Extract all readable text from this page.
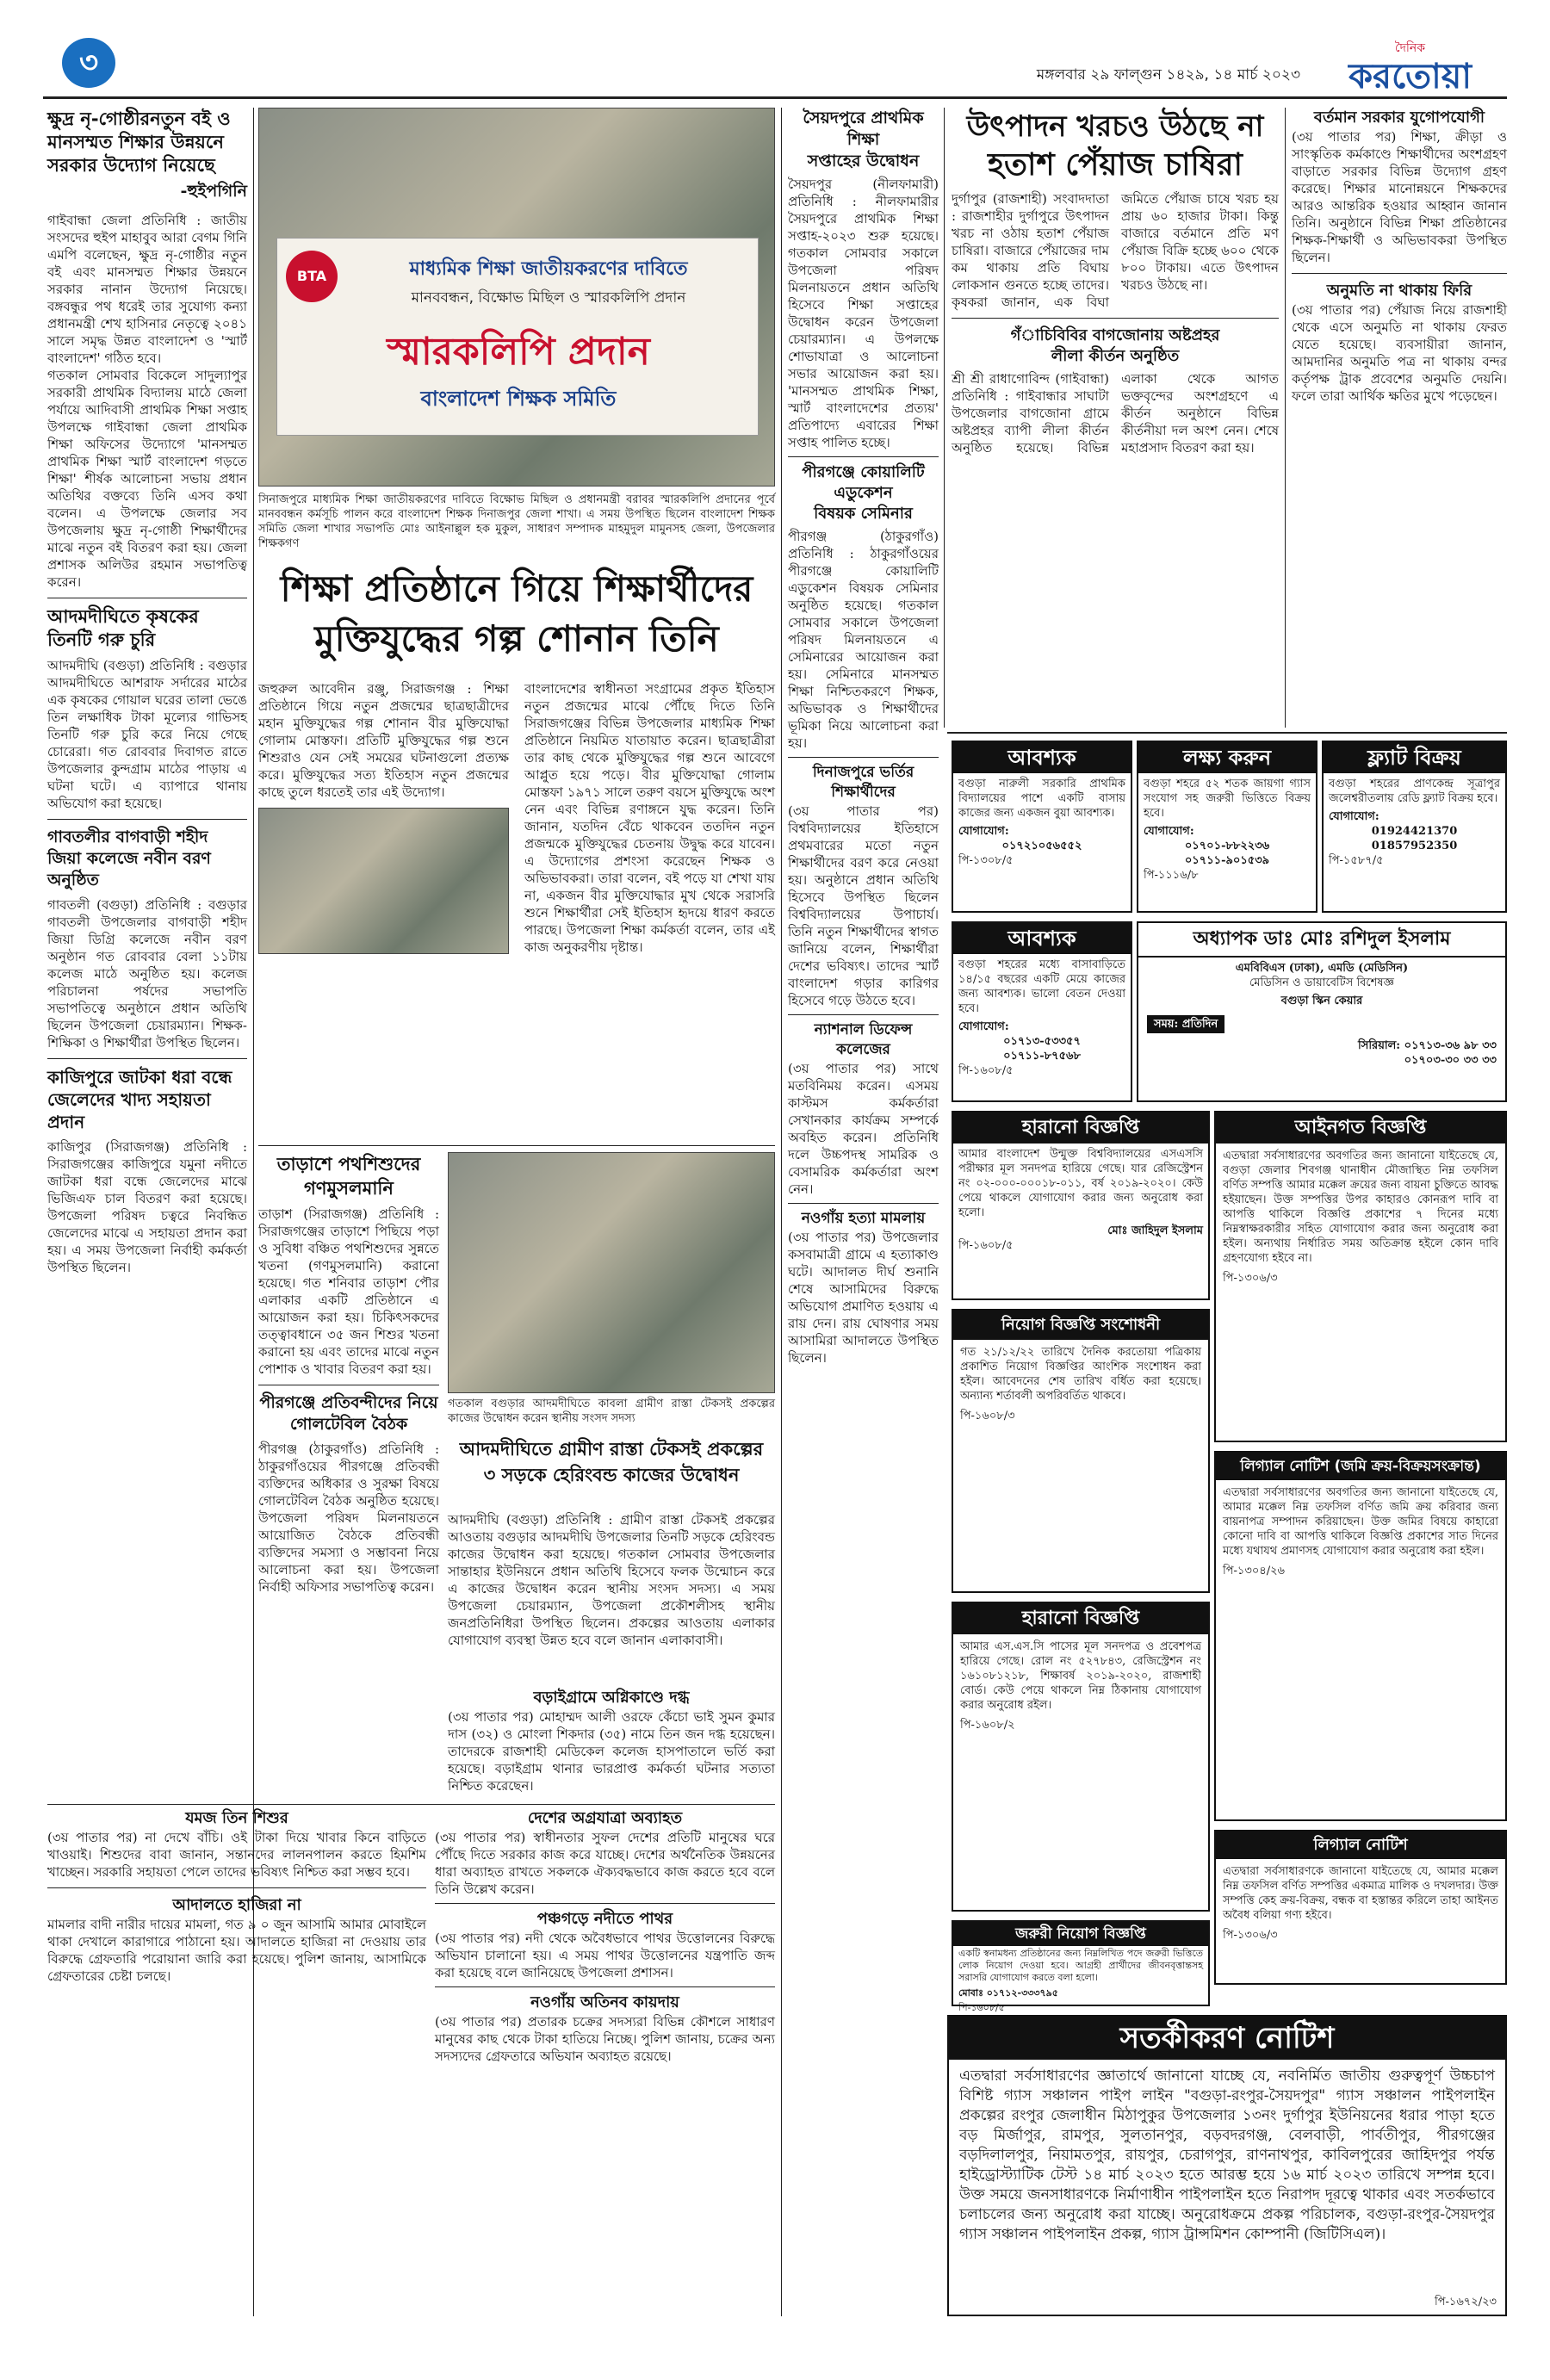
৩	মঙ্গলবার ২৯ ফাল্গুন ১৪২৯, ১৪ মার্চ ২০২৩
দৈনিক
করতোয়া
ক্ষুদ্র নৃ-গোষ্ঠীরনতুন বই ও মানসম্মত শিক্ষার উন্নয়নে সরকার উদ্যোগ নিয়েছে
-হুইপগিনি
গাইবান্ধা জেলা প্রতিনিধি : জাতীয় সংসদের হুইপ মাহাবুব আরা বেগম গিনি এমপি বলেছেন, ক্ষুদ্র নৃ-গোষ্ঠীর নতুন বই এবং মানসম্মত শিক্ষার উন্নয়নে সরকার নানান উদ্যোগ নিয়েছে। বঙ্গবন্ধুর পথ ধরেই তার সুযোগ্য কন্যা প্রধানমন্ত্রী শেখ হাসিনার নেতৃত্বে ২০৪১ সালে সমৃদ্ধ উন্নত বাংলাদেশ ও 'স্মার্ট বাংলাদেশ' গঠিত হবে।
গতকাল সোমবার বিকেলে সাদুল্যাপুর সরকারী প্রাথমিক বিদ্যালয় মাঠে জেলা পর্যায়ে আদিবাসী প্রাথমিক শিক্ষা সপ্তাহ উপলক্ষে গাইবান্ধা জেলা প্রাথমিক শিক্ষা অফিসের উদ্যোগে 'মানসম্মত প্রাথমিক শিক্ষা স্মার্ট বাংলাদেশ গড়তে শিক্ষা' শীর্ষক আলোচনা সভায় প্রধান অতিথির বক্তব্যে তিনি এসব কথা বলেন। এ উপলক্ষে জেলার সব উপজেলায় ক্ষুদ্র নৃ-গোষ্ঠী শিক্ষার্থীদের মাঝে নতুন বই বিতরণ করা হয়। জেলা প্রশাসক অলিউর রহমান সভাপতিত্ব করেন।
আদমদীঘিতে কৃষকের তিনটি গরু চুরি
আদমদীঘি (বগুড়া) প্রতিনিধি : বগুড়ার আদমদীঘিতে আশরাফ সর্দারের মাঠের এক কৃষকের গোয়াল ঘরের তালা ভেঙে তিন লক্ষাধিক টাকা মূল্যের গাভিসহ তিনটি গরু চুরি করে নিয়ে গেছে চোরেরা। গত রোববার দিবাগত রাতে উপজেলার কুন্দগ্রাম মাঠের পাড়ায় এ ঘটনা ঘটে। এ ব্যাপারে থানায় অভিযোগ করা হয়েছে।
গাবতলীর বাগবাড়ী শহীদ জিয়া কলেজে নবীন বরণ অনুষ্ঠিত
গাবতলী (বগুড়া) প্রতিনিধি : বগুড়ার গাবতলী উপজেলার বাগবাড়ী শহীদ জিয়া ডিগ্রি কলেজে নবীন বরণ অনুষ্ঠান গত রোববার বেলা ১১টায় কলেজ মাঠে অনুষ্ঠিত হয়। কলেজ পরিচালনা পর্ষদের সভাপতি সভাপতিত্বে অনুষ্ঠানে প্রধান অতিথি ছিলেন উপজেলা চেয়ারম্যান। শিক্ষক-শিক্ষিকা ও শিক্ষার্থীরা উপস্থিত ছিলেন।
কাজিপুরে জাটকা ধরা বন্ধে জেলেদের খাদ্য সহায়তা প্রদান
কাজিপুর (সিরাজগঞ্জ) প্রতিনিধি : সিরাজগঞ্জের কাজিপুরে যমুনা নদীতে জাটকা ধরা বন্ধে জেলেদের মাঝে ভিজিএফ চাল বিতরণ করা হয়েছে। উপজেলা পরিষদ চত্বরে নিবন্ধিত জেলেদের মাঝে এ সহায়তা প্রদান করা হয়। এ সময় উপজেলা নির্বাহী কর্মকর্তা উপস্থিত ছিলেন।
BTA	মাধ্যমিক শিক্ষা জাতীয়করণের দাবিতে
মানববন্ধন, বিক্ষোভ মিছিল ও স্মারকলিপি প্রদান
স্মারকলিপি প্রদান
বাংলাদেশ শিক্ষক সমিতি
সিনাজপুরে মাধ্যমিক শিক্ষা জাতীয়করণের দাবিতে বিক্ষোভ মিছিল ও প্রধানমন্ত্রী বরাবর স্মারকলিপি প্রদানের পূর্বে মানববন্ধন কর্মসূচি পালন করে বাংলাদেশ শিক্ষক দিনাজপুর জেলা শাখা। এ সময় উপস্থিত ছিলেন বাংলাদেশ শিক্ষক সমিতি জেলা শাখার সভাপতি মোঃ আইনাল্লুল হক মুকুল, সাধারণ সম্পাদক মাহমুদুল মামুনসহ জেলা, উপজেলার শিক্ষকগণ
শিক্ষা প্রতিষ্ঠানে গিয়ে শিক্ষার্থীদের
মুক্তিযুদ্ধের গল্প শোনান তিনি
জহুরুল আবেদীন রঞ্জু, সিরাজগঞ্জ : শিক্ষা প্রতিষ্ঠানে গিয়ে নতুন প্রজন্মের ছাত্রছাত্রীদের মহান মুক্তিযুদ্ধের গল্প শোনান বীর মুক্তিযোদ্ধা গোলাম মোস্তফা। প্রতিটি মুক্তিযুদ্ধের গল্প শুনে শিশুরাও যেন সেই সময়ের ঘটনাগুলো প্রত্যক্ষ করে। মুক্তিযুদ্ধের সত্য ইতিহাস নতুন প্রজন্মের কাছে তুলে ধরতেই তার এই উদ্যোগ।
বাংলাদেশের স্বাধীনতা সংগ্রামের প্রকৃত ইতিহাস নতুন প্রজন্মের মাঝে পৌঁছে দিতে তিনি সিরাজগঞ্জের বিভিন্ন উপজেলার মাধ্যমিক শিক্ষা প্রতিষ্ঠানে নিয়মিত যাতায়াত করেন। ছাত্রছাত্রীরা তার কাছ থেকে মুক্তিযুদ্ধের গল্প শুনে আবেগে আপ্লুত হয়ে পড়ে। বীর মুক্তিযোদ্ধা গোলাম মোস্তফা ১৯৭১ সালে তরুণ বয়সে মুক্তিযুদ্ধে অংশ নেন এবং বিভিন্ন রণাঙ্গনে যুদ্ধ করেন। তিনি জানান, যতদিন বেঁচে থাকবেন ততদিন নতুন প্রজন্মকে মুক্তিযুদ্ধের চেতনায় উদ্বুদ্ধ করে যাবেন। এ উদ্যোগের প্রশংসা করেছেন শিক্ষক ও অভিভাবকরা। তারা বলেন, বই পড়ে যা শেখা যায় না, একজন বীর মুক্তিযোদ্ধার মুখ থেকে সরাসরি শুনে শিক্ষার্থীরা সেই ইতিহাস হৃদয়ে ধারণ করতে পারছে। উপজেলা শিক্ষা কর্মকর্তা বলেন, তার এই কাজ অনুকরণীয় দৃষ্টান্ত।
তাড়াশে পথশিশুদের
গণমুসলমানি
তাড়াশ (সিরাজগঞ্জ) প্রতিনিধি : সিরাজগঞ্জের তাড়াশে পিছিয়ে পড়া ও সুবিধা বঞ্চিত পথশিশুদের সুন্নতে খতনা (গণমুসলমানি) করানো হয়েছে। গত শনিবার তাড়াশ পৌর এলাকার একটি প্রতিষ্ঠানে এ আয়োজন করা হয়। চিকিৎসকদের তত্ত্বাবধানে ৩৫ জন শিশুর খতনা করানো হয় এবং তাদের মাঝে নতুন পোশাক ও খাবার বিতরণ করা হয়।
পীরগঞ্জে প্রতিবন্দীদের নিয়ে
গোলটেবিল বৈঠক
পীরগঞ্জ (ঠাকুরগাঁও) প্রতিনিধি : ঠাকুরগাঁওয়ের পীরগঞ্জে প্রতিবন্ধী ব্যক্তিদের অধিকার ও সুরক্ষা বিষয়ে গোলটেবিল বৈঠক অনুষ্ঠিত হয়েছে। উপজেলা পরিষদ মিলনায়তনে আয়োজিত বৈঠকে প্রতিবন্ধী ব্যক্তিদের সমস্যা ও সম্ভাবনা নিয়ে আলোচনা করা হয়। উপজেলা নির্বাহী অফিসার সভাপতিত্ব করেন।
গতকাল বগুড়ার আদমদীঘিতে কাবলা গ্রামীণ রাস্তা টেকসই প্রকল্পের কাজের উদ্বোধন করেন স্থানীয় সংসদ সদস্য
আদমদীঘিতে গ্রামীণ রাস্তা টেকসই প্রকল্পের
৩ সড়কে হেরিংবন্ড কাজের উদ্বোধন
আদমদীঘি (বগুড়া) প্রতিনিধি : গ্রামীণ রাস্তা টেকসই প্রকল্পের আওতায় বগুড়ার আদমদীঘি উপজেলার তিনটি সড়কে হেরিংবন্ড কাজের উদ্বোধন করা হয়েছে। গতকাল সোমবার উপজেলার সান্তাহার ইউনিয়নে প্রধান অতিথি হিসেবে ফলক উন্মোচন করে এ কাজের উদ্বোধন করেন স্থানীয় সংসদ সদস্য। এ সময় উপজেলা চেয়ারম্যান, উপজেলা প্রকৌশলীসহ স্থানীয় জনপ্রতিনিধিরা উপস্থিত ছিলেন। প্রকল্পের আওতায় এলাকার যোগাযোগ ব্যবস্থা উন্নত হবে বলে জানান এলাকাবাসী।
বড়াইগ্রামে অগ্নিকাণ্ডে দগ্ধ
(৩য় পাতার পর) মোহাম্মদ আলী ওরফে কেঁচো ভাই সুমন কুমার দাস (৩২) ও মোংলা শিকদার (৩৫) নামে তিন জন দগ্ধ হয়েছেন। তাদেরকে রাজশাহী মেডিকেল কলেজ হাসপাতালে ভর্তি করা হয়েছে। বড়াইগ্রাম থানার ভারপ্রাপ্ত কর্মকর্তা ঘটনার সত্যতা নিশ্চিত করেছেন।
যমজ তিন শিশুর
(৩য় পাতার পর) না দেখে বাঁচি। ওই টাকা দিয়ে খাবার কিনে বাড়িতে খাওয়াই। শিশুদের বাবা জানান, সন্তানদের লালনপালন করতে হিমশিম খাচ্ছেন। সরকারি সহায়তা পেলে তাদের ভবিষ্যৎ নিশ্চিত করা সম্ভব হবে।
আদালতে হাজিরা না
মামলার বাদী নারীর দায়ের মামলা, গত ৯ ০ জুন আসামি আমার মোবাইলে থাকা দেখালে কারাগারে পাঠানো হয়। আদালতে হাজিরা না দেওয়ায় তার বিরুদ্ধে গ্রেফতারি পরোয়ানা জারি করা হয়েছে। পুলিশ জানায়, আসামিকে গ্রেফতারের চেষ্টা চলছে।
দেশের অগ্রযাত্রা অব্যাহত
(৩য় পাতার পর) স্বাধীনতার সুফল দেশের প্রতিটি মানুষের ঘরে পৌঁছে দিতে সরকার কাজ করে যাচ্ছে। দেশের অর্থনৈতিক উন্নয়নের ধারা অব্যাহত রাখতে সকলকে ঐক্যবদ্ধভাবে কাজ করতে হবে বলে তিনি উল্লেখ করেন।
পঞ্চগড়ে নদীতে পাথর
(৩য় পাতার পর) নদী থেকে অবৈধভাবে পাথর উত্তোলনের বিরুদ্ধে অভিযান চালানো হয়। এ সময় পাথর উত্তোলনের যন্ত্রপাতি জব্দ করা হয়েছে বলে জানিয়েছে উপজেলা প্রশাসন।
নওগাঁয় অতিনব কায়দায়
(৩য় পাতার পর) প্রতারক চক্রের সদস্যরা বিভিন্ন কৌশলে সাধারণ মানুষের কাছ থেকে টাকা হাতিয়ে নিচ্ছে। পুলিশ জানায়, চক্রের অন্য সদস্যদের গ্রেফতারে অভিযান অব্যাহত রয়েছে।
সৈয়দপুরে প্রাথমিক শিক্ষা
সপ্তাহের উদ্বোধন
সৈয়দপুর (নীলফামারী) প্রতিনিধি : নীলফামারীর সৈয়দপুরে প্রাথমিক শিক্ষা সপ্তাহ-২০২৩ শুরু হয়েছে। গতকাল সোমবার সকালে উপজেলা পরিষদ মিলনায়তনে প্রধান অতিথি হিসেবে শিক্ষা সপ্তাহের উদ্বোধন করেন উপজেলা চেয়ারম্যান। এ উপলক্ষে শোভাযাত্রা ও আলোচনা সভার আয়োজন করা হয়। 'মানসম্মত প্রাথমিক শিক্ষা, স্মার্ট বাংলাদেশের প্রত্যয়' প্রতিপাদ্যে এবারের শিক্ষা সপ্তাহ পালিত হচ্ছে।
পীরগঞ্জে কোয়ালিটি এডুকেশন
বিষয়ক সেমিনার
পীরগঞ্জ (ঠাকুরগাঁও) প্রতিনিধি : ঠাকুরগাঁওয়ের পীরগঞ্জে কোয়ালিটি এডুকেশন বিষয়ক সেমিনার অনুষ্ঠিত হয়েছে। গতকাল সোমবার সকালে উপজেলা পরিষদ মিলনায়তনে এ সেমিনারের আয়োজন করা হয়। সেমিনারে মানসম্মত শিক্ষা নিশ্চিতকরণে শিক্ষক, অভিভাবক ও শিক্ষার্থীদের ভূমিকা নিয়ে আলোচনা করা হয়।
দিনাজপুরে ভর্তির শিক্ষার্থীদের
(৩য় পাতার পর) বিশ্ববিদ্যালয়ের ইতিহাসে প্রথমবারের মতো নতুন শিক্ষার্থীদের বরণ করে নেওয়া হয়। অনুষ্ঠানে প্রধান অতিথি হিসেবে উপস্থিত ছিলেন বিশ্ববিদ্যালয়ের উপাচার্য। তিনি নতুন শিক্ষার্থীদের স্বাগত জানিয়ে বলেন, শিক্ষার্থীরা দেশের ভবিষ্যৎ। তাদের স্মার্ট বাংলাদেশ গড়ার কারিগর হিসেবে গড়ে উঠতে হবে।
ন্যাশনাল ডিফেন্স কলেজের
(৩য় পাতার পর) সাথে মতবিনিময় করেন। এসময় কাস্টমস কর্মকর্তারা সেখানকার কার্যক্রম সম্পর্কে অবহিত করেন। প্রতিনিধি দলে উচ্চপদস্থ সামরিক ও বেসামরিক কর্মকর্তারা অংশ নেন।
নওগাঁয় হত্যা মামলায়
(৩য় পাতার পর) উপজেলার কসবামাত্রী গ্রামে এ হত্যাকাণ্ড ঘটে। আদালত দীর্ঘ শুনানি শেষে আসামিদের বিরুদ্ধে অভিযোগ প্রমাণিত হওয়ায় এ রায় দেন। রায় ঘোষণার সময় আসামিরা আদালতে উপস্থিত ছিলেন।
উৎপাদন খরচও উঠছে না
হতাশ পেঁয়াজ চাষিরা
দুর্গাপুর (রাজশাহী) সংবাদদাতা : রাজশাহীর দুর্গাপুরে উৎপাদন খরচ না ওঠায় হতাশ পেঁয়াজ চাষিরা। বাজারে পেঁয়াজের দাম কম থাকায় প্রতি বিঘায় লোকসান গুনতে হচ্ছে তাদের। কৃষকরা জানান, এক বিঘা জমিতে পেঁয়াজ চাষে খরচ হয় প্রায় ৬০ হাজার টাকা। কিন্তু বাজারে বর্তমানে প্রতি মণ পেঁয়াজ বিক্রি হচ্ছে ৬০০ থেকে ৮০০ টাকায়। এতে উৎপাদন খরচও উঠছে না।
গঁাচিবিবির বাগজোনায় অষ্টপ্রহর
লীলা কীর্তন অনুষ্ঠিত
শ্রী শ্রী রাধাগোবিন্দ (গাইবান্ধা) প্রতিনিধি : গাইবান্ধার সাঘাটা উপজেলার বাগজোনা গ্রামে অষ্টপ্রহর ব্যাপী লীলা কীর্তন অনুষ্ঠিত হয়েছে। বিভিন্ন এলাকা থেকে আগত ভক্তবৃন্দের অংশগ্রহণে এ কীর্তন অনুষ্ঠানে বিভিন্ন কীর্তনীয়া দল অংশ নেন। শেষে মহাপ্রসাদ বিতরণ করা হয়।
বর্তমান সরকার যুগোপযোগী
(৩য় পাতার পর) শিক্ষা, ক্রীড়া ও সাংস্কৃতিক কর্মকাণ্ডে শিক্ষার্থীদের অংশগ্রহণ বাড়াতে সরকার বিভিন্ন উদ্যোগ গ্রহণ করেছে। শিক্ষার মানোন্নয়নে শিক্ষকদের আরও আন্তরিক হওয়ার আহ্বান জানান তিনি। অনুষ্ঠানে বিভিন্ন শিক্ষা প্রতিষ্ঠানের শিক্ষক-শিক্ষার্থী ও অভিভাবকরা উপস্থিত ছিলেন।
অনুমতি না থাকায় ফিরি
(৩য় পাতার পর) পেঁয়াজ নিয়ে রাজশাহী থেকে এসে অনুমতি না থাকায় ফেরত যেতে হয়েছে। ব্যবসায়ীরা জানান, আমদানির অনুমতি পত্র না থাকায় বন্দর কর্তৃপক্ষ ট্রাক প্রবেশের অনুমতি দেয়নি। ফলে তারা আর্থিক ক্ষতির মুখে পড়েছেন।
আবশ্যক
বগুড়া নারুলী সরকারি প্রাথমিক বিদ্যালয়ের পাশে একটি বাসায় কাজের জন্য একজন বুয়া আবশ্যক।
যোগাযোগ:
০১৭২১০৫৬৫৫২
পি-১৩০৮/৫
লক্ষ্য করুন
বগুড়া শহরে ৫২ শতক জায়গা গ্যাস সংযোগ সহ জরুরী ভিত্তিতে বিক্রয় হবে।
যোগাযোগ:
০১৭০১-৮৮২২৩৬
০১৭১১-৯০১৫৩৯
পি-১১১৬/৮
ফ্ল্যাট বিক্রয়
বগুড়া শহরের প্রাণকেন্দ্র সূত্রাপুর জলেশ্বরীতলায় রেডি ফ্ল্যাট বিক্রয় হবে।
যোগাযোগ:
01924421370
01857952350
পি-১৫৮৭/৫
আবশ্যক
বগুড়া শহরের মধ্যে বাসাবাড়িতে ১৪/১৫ বছরের একটি মেয়ে কাজের জন্য আবশ্যক। ভালো বেতন দেওয়া হবে।
যোগাযোগ:
০১৭১৩-৫৩৩৫৭
০১৭১১-৮৭৫৬৮
পি-১৬০৮/৫
অধ্যাপক ডাঃ মোঃ রশিদুল ইসলাম
এমবিবিএস (ঢাকা), এমডি (মেডিসিন)
মেডিসিন ও ডায়াবেটিস বিশেষজ্ঞ
বগুড়া স্কিন কেয়ার
সময়: প্রতিদিন
সিরিয়াল: ০১৭১৩-৩৬ ৯৮ ৩৩
০১৭০৩-৩০ ৩৩ ৩৩
হারানো বিজ্ঞপ্তি
আমার বাংলাদেশ উন্মুক্ত বিশ্ববিদ্যালয়ের এসএসসি পরীক্ষার মূল সনদপত্র হারিয়ে গেছে। যার রেজিস্ট্রেশন নং ০২-০০০-০০০১৮-০১১, বর্ষ ২০১৯-২০২০। কেউ পেয়ে থাকলে যোগাযোগ করার জন্য অনুরোধ করা হলো।
মোঃ জাহিদুল ইসলাম
পি-১৬০৮/৫
আইনগত বিজ্ঞপ্তি
এতদ্বারা সর্বসাধারণের অবগতির জন্য জানানো যাইতেছে যে, বগুড়া জেলার শিবগঞ্জ থানাধীন মৌজাস্থিত নিম্ন তফসিল বর্ণিত সম্পত্তি আমার মক্কেল ক্রয়ের জন্য বায়না চুক্তিতে আবদ্ধ হইয়াছেন। উক্ত সম্পত্তির উপর কাহারও কোনরূপ দাবি বা আপত্তি থাকিলে বিজ্ঞপ্তি প্রকাশের ৭ দিনের মধ্যে নিম্নস্বাক্ষরকারীর সহিত যোগাযোগ করার জন্য অনুরোধ করা হইল। অন্যথায় নির্ধারিত সময় অতিক্রান্ত হইলে কোন দাবি গ্রহণযোগ্য হইবে না।
পি-১৩০৬/৩
নিয়োগ বিজ্ঞপ্তি সংশোধনী
গত ২১/১২/২২ তারিখে দৈনিক করতোয়া পত্রিকায় প্রকাশিত নিয়োগ বিজ্ঞপ্তির আংশিক সংশোধন করা হইল। আবেদনের শেষ তারিখ বর্ধিত করা হয়েছে। অন্যান্য শর্তাবলী অপরিবর্তিত থাকবে।
পি-১৬০৮/৩
লিগ্যাল নোটিশ (জমি ক্রয়-বিক্রয়সংক্রান্ত)
এতদ্বারা সর্বসাধারণের অবগতির জন্য জানানো যাইতেছে যে, আমার মক্কেল নিম্ন তফসিল বর্ণিত জমি ক্রয় করিবার জন্য বায়নাপত্র সম্পাদন করিয়াছেন। উক্ত জমির বিষয়ে কাহারো কোনো দাবি বা আপত্তি থাকিলে বিজ্ঞপ্তি প্রকাশের সাত দিনের মধ্যে যথাযথ প্রমাণসহ যোগাযোগ করার অনুরোধ করা হইল।
পি-১৩০৪/২৬
হারানো বিজ্ঞপ্তি
আমার এস.এস.সি পাসের মূল সনদপত্র ও প্রবেশপত্র হারিয়ে গেছে। রোল নং ৫২৭৮৪৩, রেজিস্ট্রেশন নং ১৬১০৮১২১৮, শিক্ষাবর্ষ ২০১৯-২০২০, রাজশাহী বোর্ড। কেউ পেয়ে থাকলে নিম্ন ঠিকানায় যোগাযোগ করার অনুরোধ রইল।
পি-১৬০৮/২
লিগ্যাল নোটিশ
এতদ্বারা সর্বসাধারণকে জানানো যাইতেছে যে, আমার মক্কেল নিম্ন তফসিল বর্ণিত সম্পত্তির একমাত্র মালিক ও দখলদার। উক্ত সম্পত্তি কেহ ক্রয়-বিক্রয়, বন্ধক বা হস্তান্তর করিলে তাহা আইনত অবৈধ বলিয়া গণ্য হইবে।
পি-১৩০৬/৩
জরুরী নিয়োগ বিজ্ঞপ্তি
একটি স্বনামধন্য প্রতিষ্ঠানের জন্য নিম্নলিখিত পদে জরুরী ভিত্তিতে লোক নিয়োগ দেওয়া হবে। আগ্রহী প্রার্থীদের জীবনবৃত্তান্তসহ সরাসরি যোগাযোগ করতে বলা হলো।
মোবাঃ ০১৭১২-৩৩৩৭৯৫
পি-১৬০৮/৫
সতর্কীকরণ নোটিশ
এতদ্বারা সর্বসাধারণের জ্ঞাতার্থে জানানো যাচ্ছে যে, নবনির্মিত জাতীয় গুরুত্বপূর্ণ উচ্চচাপ বিশিষ্ট গ্যাস সঞ্চালন পাইপ লাইন "বগুড়া-রংপুর-সৈয়দপুর" গ্যাস সঞ্চালন পাইপলাইন প্রকল্পের রংপুর জেলাধীন মিঠাপুকুর উপজেলার ১৩নং দুর্গাপুর ইউনিয়নের ধরার পাড়া হতে বড় মির্জাপুর, রামপুর, সুলতানপুর, বড়বদরগঞ্জ, বেলবাড়ী, পার্বতীপুর, পীরগঞ্জের বড়দিলালপুর, নিয়ামতপুর, রায়পুর, চেরাগপুর, রাণনাথপুর, কাবিলপুরের জাহিদপুর পর্যন্ত হাইড্রোস্ট্যাটিক টেস্ট ১৪ মার্চ ২০২৩ হতে আরম্ভ হয়ে ১৬ মার্চ ২০২৩ তারিখে সম্পন্ন হবে। উক্ত সময়ে জনসাধারণকে নির্মাণাধীন পাইপলাইন হতে নিরাপদ দূরত্বে থাকার এবং সতর্কভাবে চলাচলের জন্য অনুরোধ করা যাচ্ছে। অনুরোধক্রমে প্রকল্প পরিচালক, বগুড়া-রংপুর-সৈয়দপুর গ্যাস সঞ্চালন পাইপলাইন প্রকল্প, গ্যাস ট্রান্সমিশন কোম্পানী (জিটিসিএল)।
পি-১৬৭২/২৩
